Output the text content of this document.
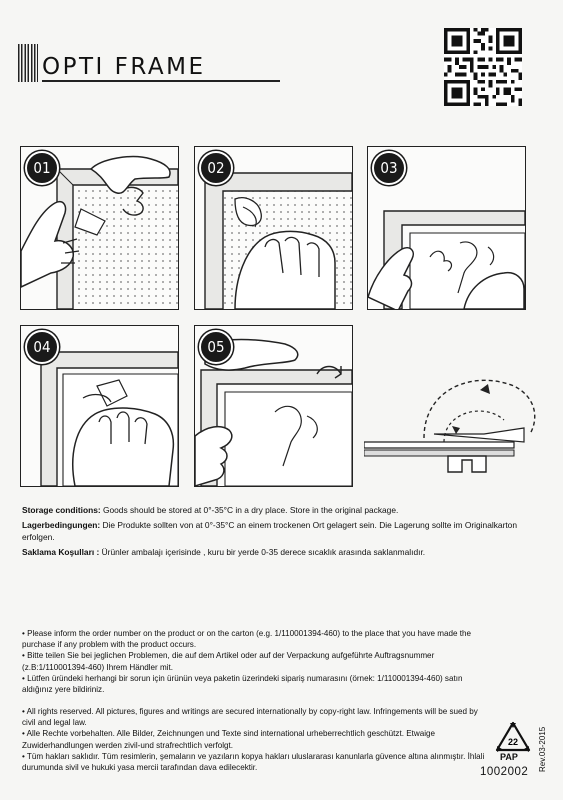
OPTI FRAME
01	02	03
04	05

Storage conditions: Goods should be stored at 0°-35°C in a dry place. Store in the original package.

Lagerbedingungen: Die Produkte sollten von at 0°-35°C an einem trockenen Ort gelagert sein. Die Lagerung sollte im Originalkarton erfolgen.

Saklama Koşulları : Ürünler ambalajı içerisinde , kuru bir yerde 0-35 derece sıcaklık arasında saklanmalıdır.

• Please inform the order number on the product or on the carton (e.g. 1/110001394-460) to the place that you have made the purchase if any problem with the product occurs.

• Bitte teilen Sie bei jeglichen Problemen, die auf dem Artikel oder auf der Verpackung aufgeführte Auftragsnummer (z.B:1/110001394-460) Ihrem Händler mit.

• Lütfen üründeki herhangi bir sorun için ürünün veya paketin üzerindeki sipariş numarasını (örnek: 1/110001394-460) satın aldığınız yere bildiriniz.

• All rights reserved. All pictures, figures and writings are secured internationally by copy-right law. Infringements will be sued by civil and legal law.

• Alle Rechte vorbehalten. Alle Bilder, Zeichnungen und Texte sind international urheberrechtlich geschützt. Etwaige Zuwiderhandlungen werden zivil-und strafrechtlich verfolgt.

• Tüm hakları saklıdır. Tüm resimlerin, şemaların ve yazıların kopya hakları uluslararası kanunlarla güvence altına alınmıştır. İhlali durumunda sivil ve hukuki yasa mercii tarafından dava edilecektir.

22
PAP
1002002 Rev.03-2015
